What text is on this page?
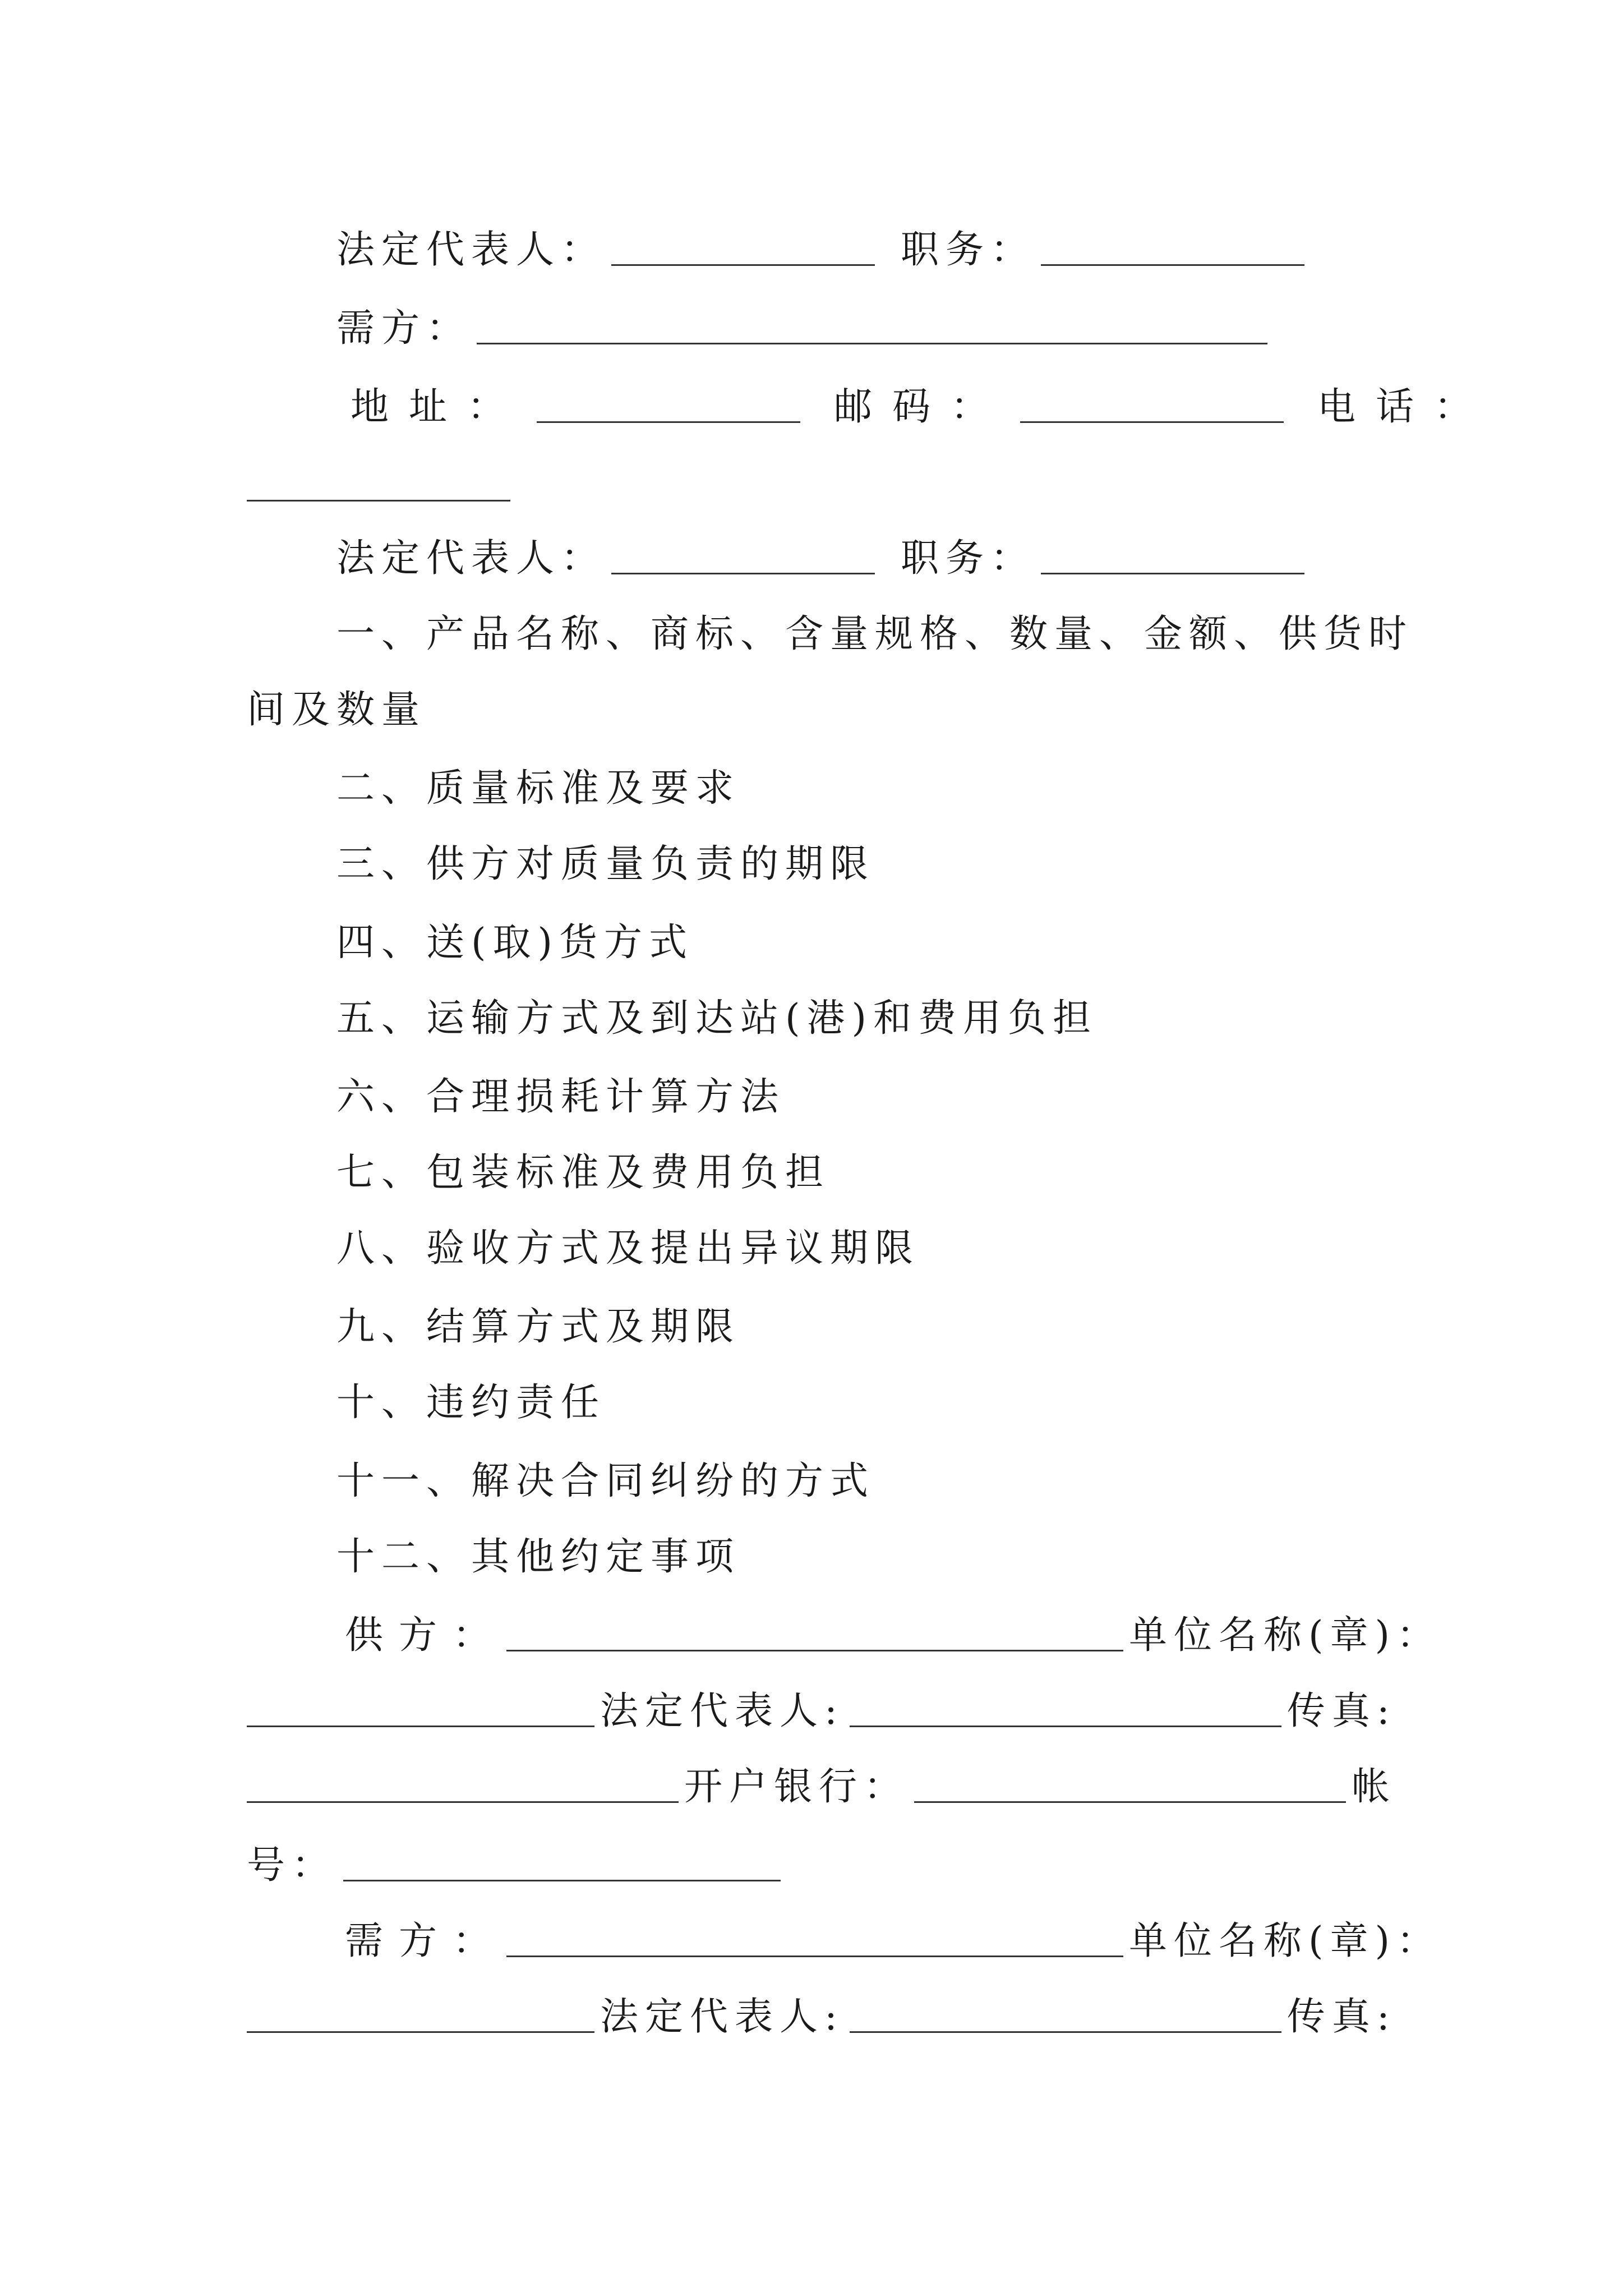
法定代表人：	职务：
需方：
地址：	邮码：	电话：
法定代表人：	职务：
一、产品名称、商标、含量规格、数量、金额、供货时
间及数量
二、质量标准及要求
三、供方对质量负责的期限
四、送(取)货方式
五、运输方式及到达站(港)和费用负担
六、合理损耗计算方法
七、包装标准及费用负担
八、验收方式及提出异议期限
九、结算方式及期限
十、违约责任
十一、解决合同纠纷的方式
十二、其他约定事项
供方：	单位名称(章)：
法定代表人:	传真:
开户银行：	帐
号：
需方：	单位名称(章)：
法定代表人:	传真:
